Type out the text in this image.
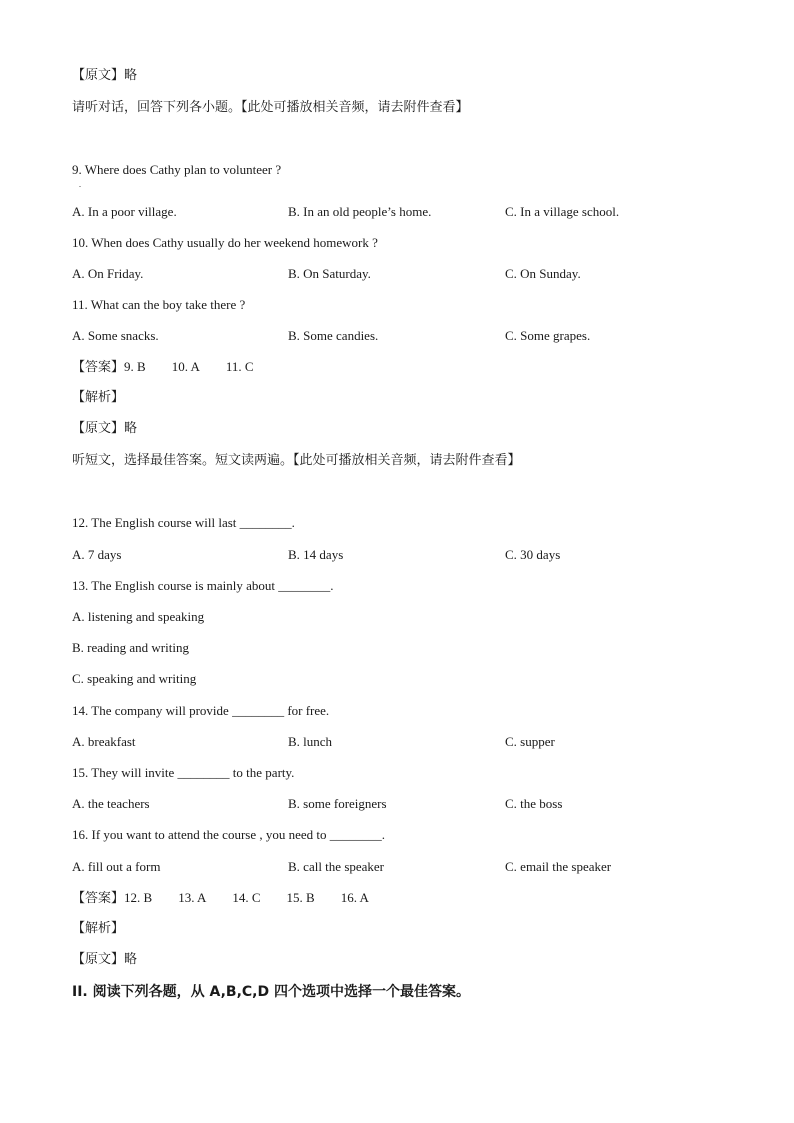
【原文】略
请听对话，回答下列各小题。【此处可播放相关音频，请去附件查看】
9. Where does Cathy plan to volunteer ?
.
A. In a poor village.	B. In an old people’s home.	C. In a village school.
10. When does Cathy usually do her weekend homework ?
A. On Friday.	B. On Saturday.	C. On Sunday.
11. What can the boy take there ?
A. Some snacks.	B. Some candies.	C. Some grapes.
【答案】9. B 10. A 11. C
【解析】
【原文】略
听短文，选择最佳答案。短文读两遍。【此处可播放相关音频，请去附件查看】
12. The English course will last ________.
A. 7 days	B. 14 days	C. 30 days
13. The English course is mainly about ________.
A. listening and speaking
B. reading and writing
C. speaking and writing
14. The company will provide ________ for free.
A. breakfast	B. lunch	C. supper
15. They will invite ________ to the party.
A. the teachers	B. some foreigners	C. the boss
16. If you want to attend the course , you need to ________.
A. fill out a form	B. call the speaker	C. email the speaker
【答案】12. B 13. A 14. C 15. B 16. A
【解析】
【原文】略
II. 阅读下列各题，从 A,B,C,D 四个选项中选择一个最佳答案。
